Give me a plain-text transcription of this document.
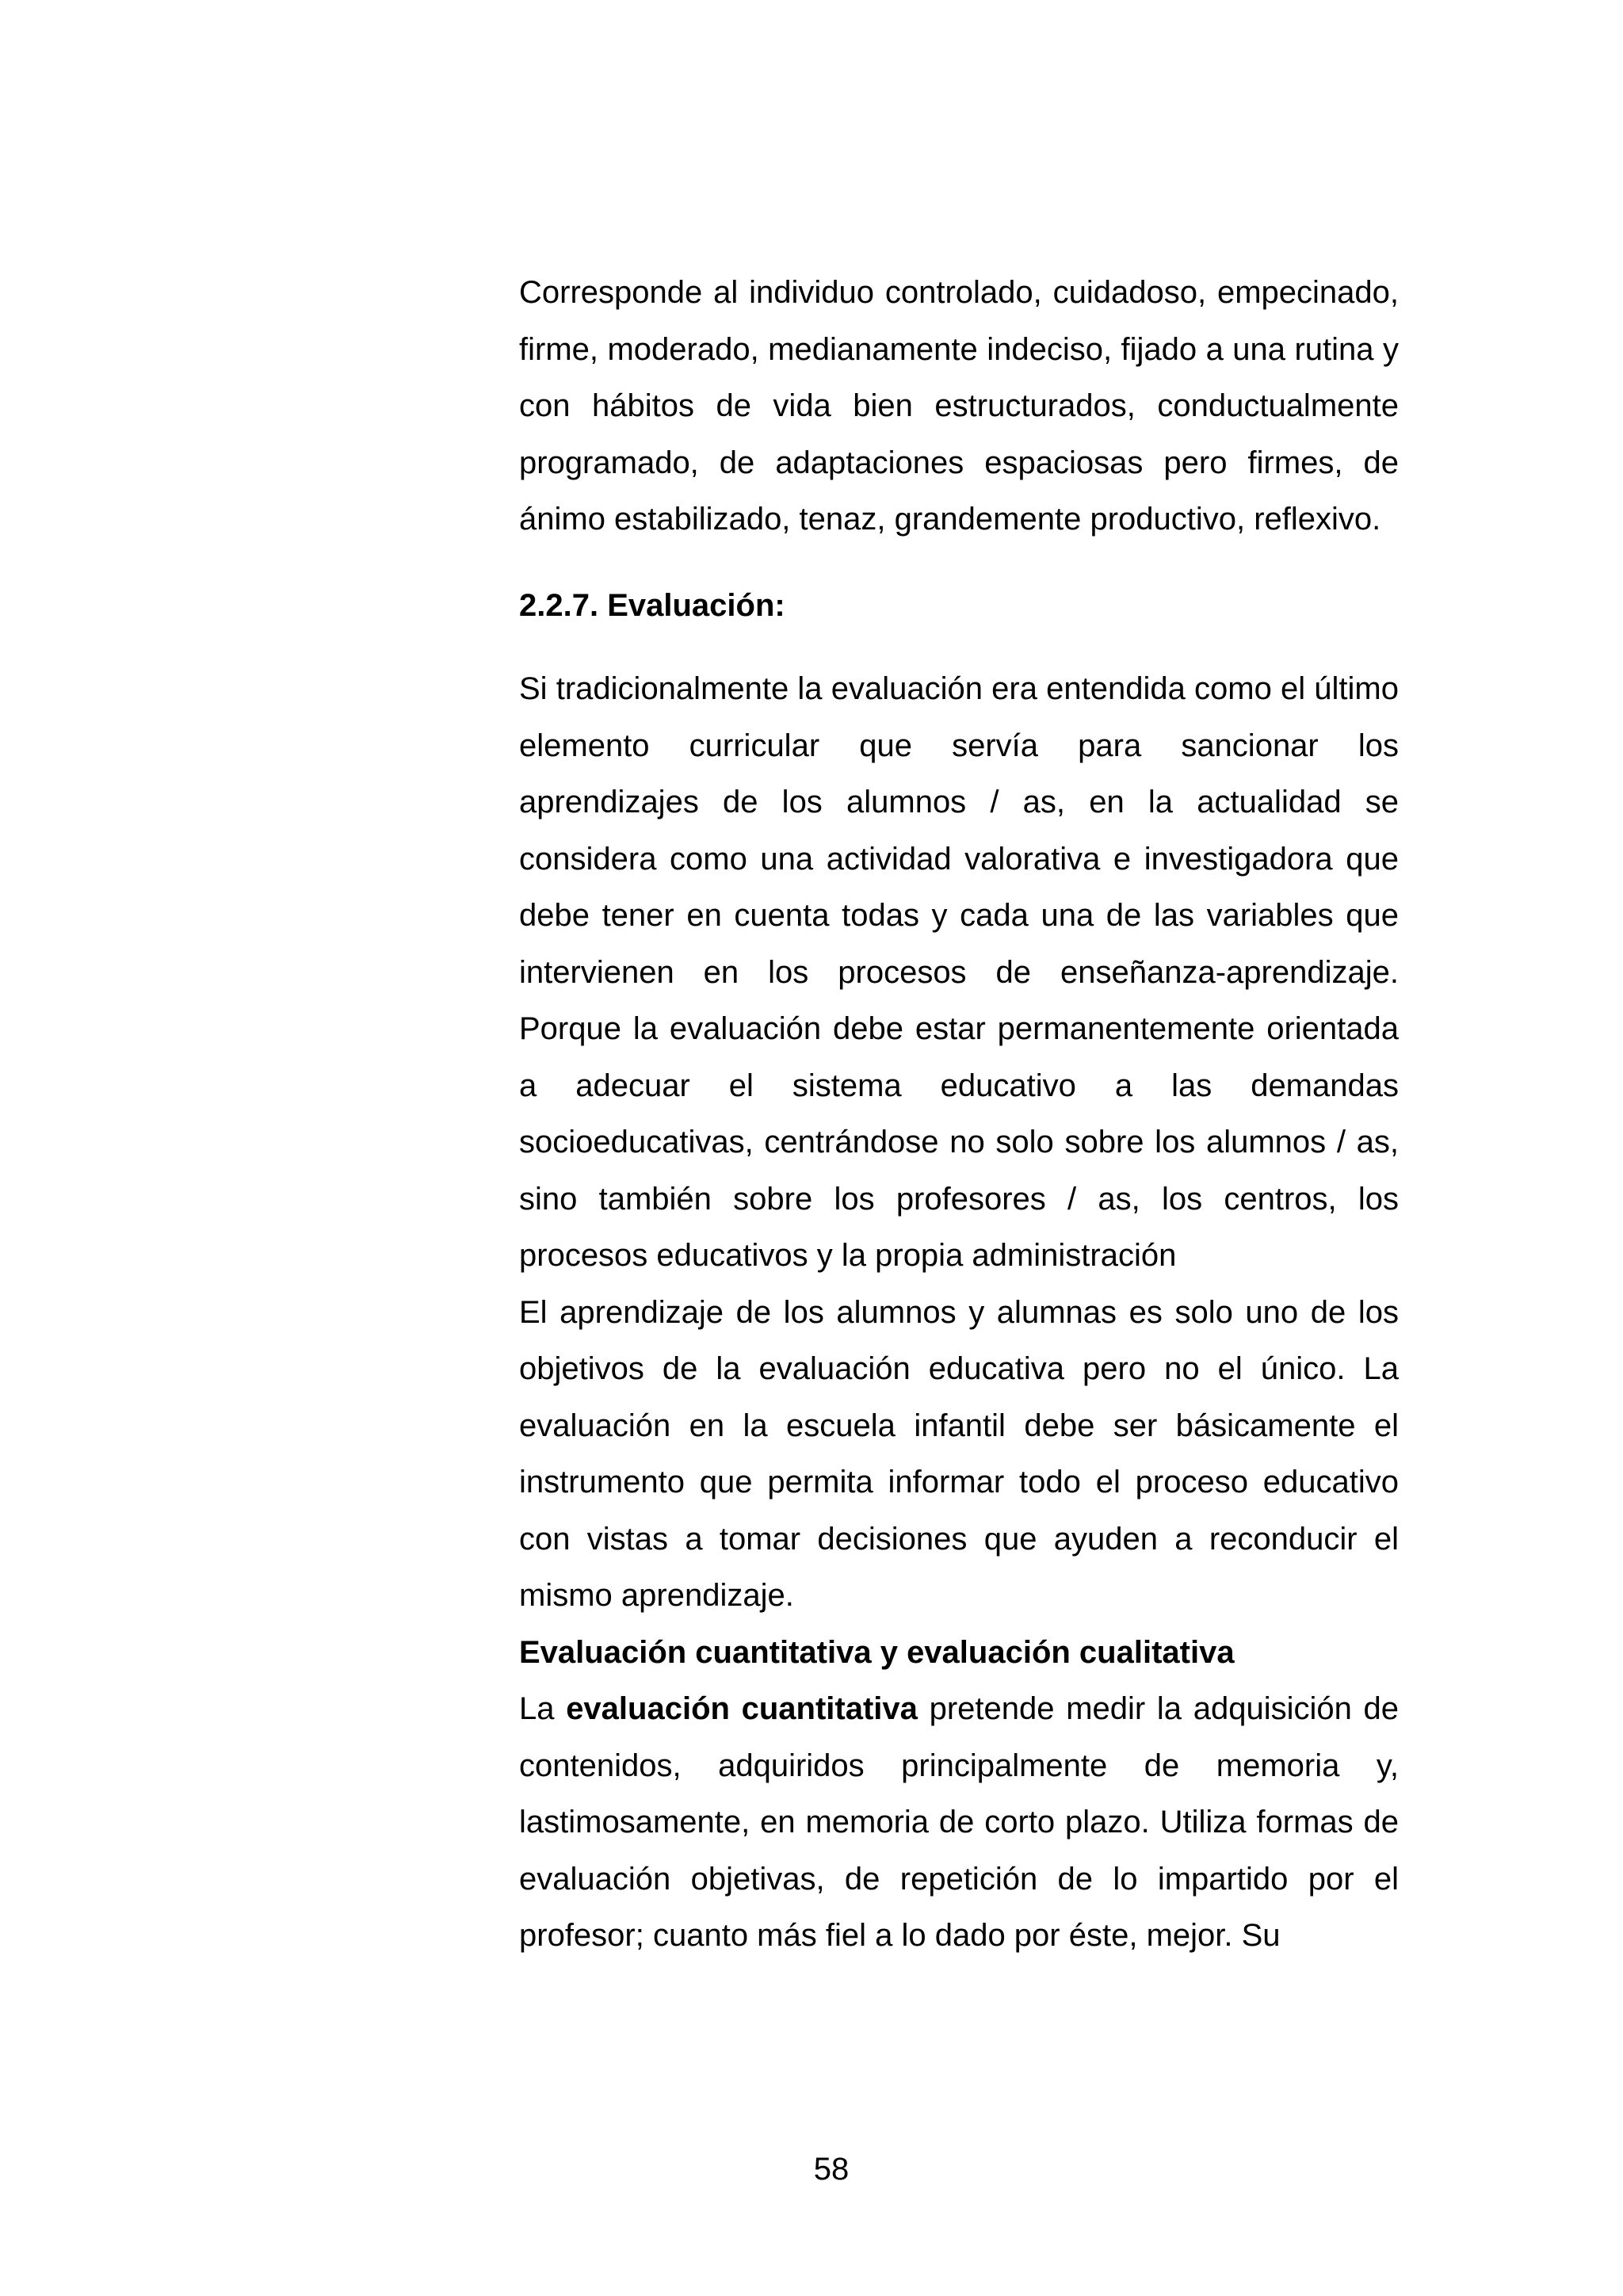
Corresponde al individuo controlado, cuidadoso, empecinado, firme, moderado, medianamente indeciso, fijado a una rutina y con hábitos de vida bien estructurados, conductualmente programado, de adaptaciones espaciosas pero firmes, de ánimo estabilizado, tenaz, grandemente productivo, reflexivo.

2.2.7. Evaluación:

Si tradicionalmente la evaluación era entendida como el último elemento curricular que servía para sancionar los aprendizajes de los alumnos / as, en la actualidad se considera como una actividad valorativa e investigadora que debe tener en cuenta todas y cada una de las variables que intervienen en los procesos de enseñanza-aprendizaje. Porque la evaluación debe estar permanentemente orientada a adecuar el sistema educativo a las demandas socioeducativas, centrándose no solo sobre los alumnos / as, sino también sobre los profesores / as, los centros, los procesos educativos y la propia administración

El aprendizaje de los alumnos y alumnas es solo uno de los objetivos de la evaluación educativa pero no el único. La evaluación en la escuela infantil debe ser básicamente el instrumento que permita informar todo el proceso educativo con vistas a tomar decisiones que ayuden a reconducir el mismo aprendizaje.

Evaluación cuantitativa y evaluación cualitativa

La evaluación cuantitativa pretende medir la adquisición de contenidos, adquiridos principalmente de memoria y, lastimosamente, en memoria de corto plazo. Utiliza formas de evaluación objetivas, de repetición de lo impartido por el profesor; cuanto más fiel a lo dado por éste, mejor. Su

58
